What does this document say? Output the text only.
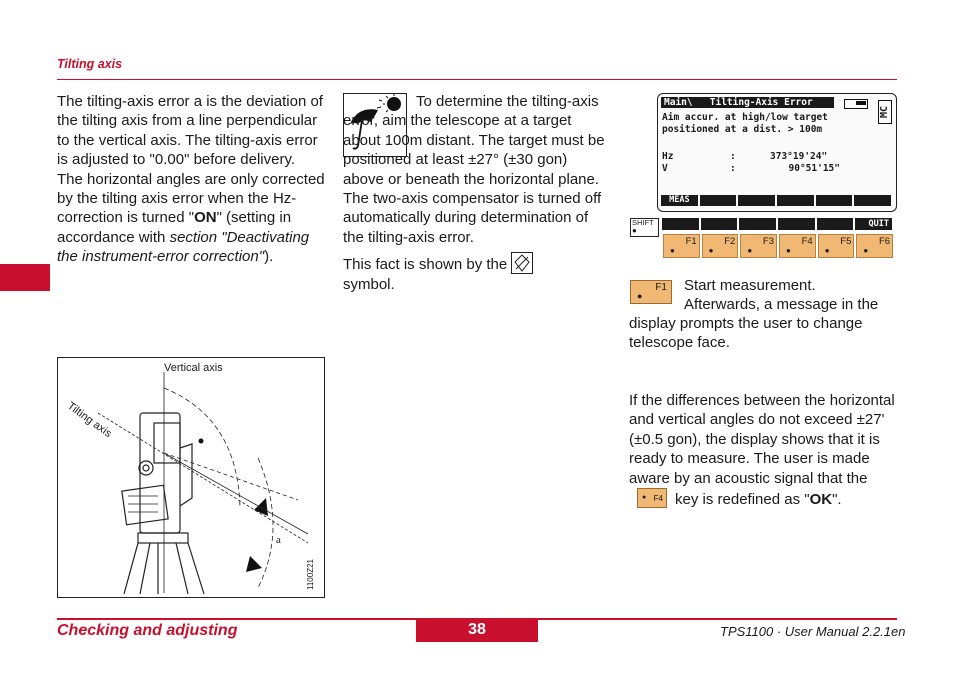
Tilting axis
The tilting-axis error a is the deviation of the tilting axis from a line perpendicular to the vertical axis. The tilting-axis error is adjusted to "0.00" before delivery.
The horizontal angles are only corrected by the tilting axis error when the Hz-correction is turned "ON" (setting in accordance with section "Deactivating the instrument-error correction").
To determine the tilting-axis error, aim the telescope at a target about 100m distant. The target must be positioned at least ±27° (±30 gon) above or beneath the horizontal plane. The two-axis compensator is turned off automatically during determination of the tilting-axis error.
This fact is shown by the
symbol.
Main\   Tilting-Axis Error
MC
Aim accur. at high/low target
positioned at a dist. > 100m
Hz	:	373°19'24"
V	:	90°51'15"
MEAS
SHIFT
●
QUIT
F1
●
F2
●
F3
●
F4
●
F5
●
F6
●
F1
●
Start measurement.
Afterwards, a message in the
display prompts the user to change telescope face.
If the differences between the horizontal and vertical angles do not exceed ±27' (±0.5 gon), the display shows that it is ready to measure. The user is made aware by an acoustic signal that the
F4
● key is redefined as "OK".
Vertical axis
Tilting axis
a
1100Z21
Checking and adjusting	38	TPS1100 · User Manual 2.2.1en
